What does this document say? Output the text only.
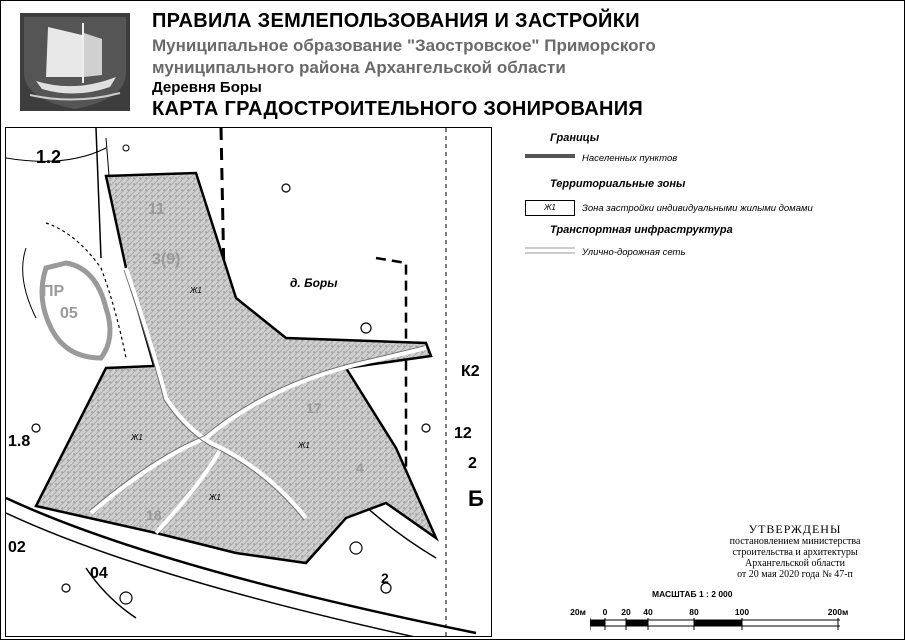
ПРАВИЛА ЗЕМЛЕПОЛЬЗОВАНИЯ И ЗАСТРОЙКИ
Муниципальное образование "Заостровское" Приморского
муниципального района Архангельской области
Деревня Боры
КАРТА ГРАДОСТРОИТЕЛЬНОГО ЗОНИРОВАНИЯ
д. Боры
Ж1
Ж1
Ж1
Ж1
1.2
11
3(9)
ПР
05
1.8
02
04
К2
12
2
Б
18
17
4
2
Границы
Населенных пунктов
Территориальные зоны
Ж1	Зона застройки индивидуальными жилыми домами
Транспортная инфраструктура
Улично-дорожная сеть
УТВЕРЖДЕНЫ
постановлением министерства
строительства и архитектуры
Архангельской области
от 20 мая 2020 года № 47-п
МАСШТАБ 1 : 2 000
20м 0 20 40	80	100	200м
